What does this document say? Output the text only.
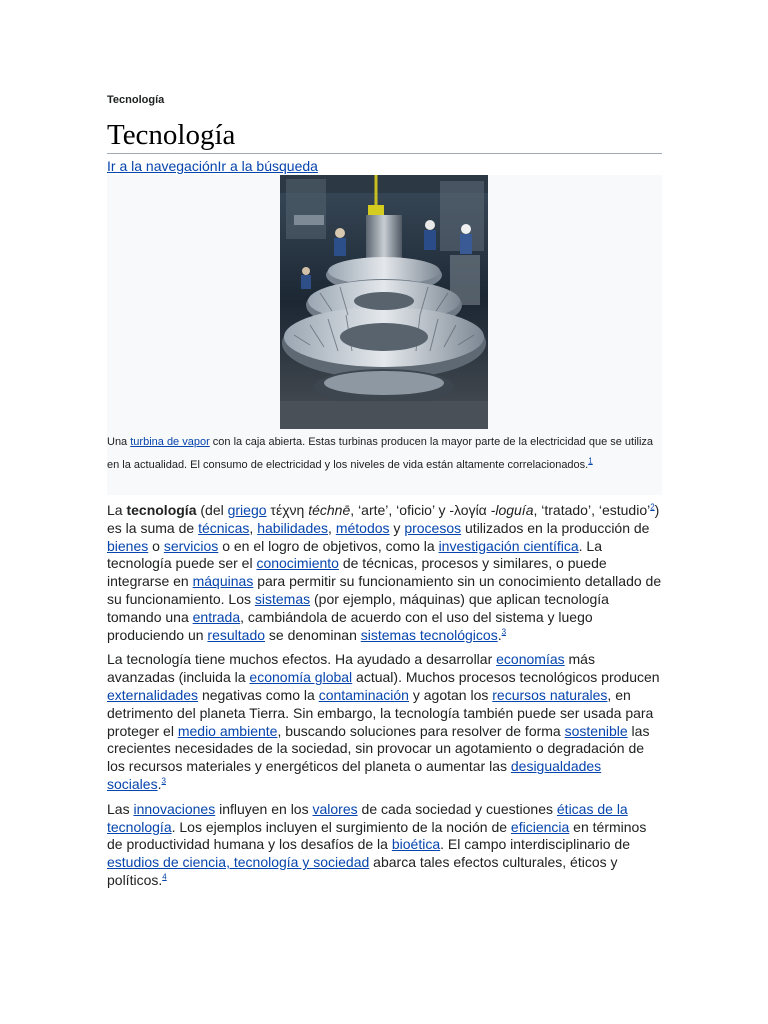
Tecnología
Tecnología
Ir a la navegaciónIr a la búsqueda
Una turbina de vapor con la caja abierta. Estas turbinas producen la mayor parte de la electricidad que se utiliza en la actualidad. El consumo de electricidad y los niveles de vida están altamente correlacionados.$^1$

La tecnología (del griego τέχνη téchnē, ‘arte’, ‘oficio’ y -λογία -loguía, ‘tratado’, ‘estudio’$^2$) es la suma de técnicas, habilidades, métodos y procesos utilizados en la producción de bienes o servicios o en el logro de objetivos, como la investigación científica. La tecnología puede ser el conocimiento de técnicas, procesos y similares, o puede integrarse en máquinas para permitir su funcionamiento sin un conocimiento detallado de su funcionamiento. Los sistemas (por ejemplo, máquinas) que aplican tecnología tomando una entrada, cambiándola de acuerdo con el uso del sistema y luego produciendo un resultado se denominan sistemas tecnológicos.$^3$

La tecnología tiene muchos efectos. Ha ayudado a desarrollar economías más avanzadas (incluida la economía global actual). Muchos procesos tecnológicos producen externalidades negativas como la contaminación y agotan los recursos naturales, en detrimento del planeta Tierra. Sin embargo, la tecnología también puede ser usada para proteger el medio ambiente, buscando soluciones para resolver de forma sostenible las crecientes necesidades de la sociedad, sin provocar un agotamiento o degradación de los recursos materiales y energéticos del planeta o aumentar las desigualdades sociales.$^3$

Las innovaciones influyen en los valores de cada sociedad y cuestiones éticas de la tecnología. Los ejemplos incluyen el surgimiento de la noción de eficiencia en términos de productividad humana y los desafíos de la bioética. El campo interdisciplinario de estudios de ciencia, tecnología y sociedad abarca tales efectos culturales, éticos y políticos.$^4$
